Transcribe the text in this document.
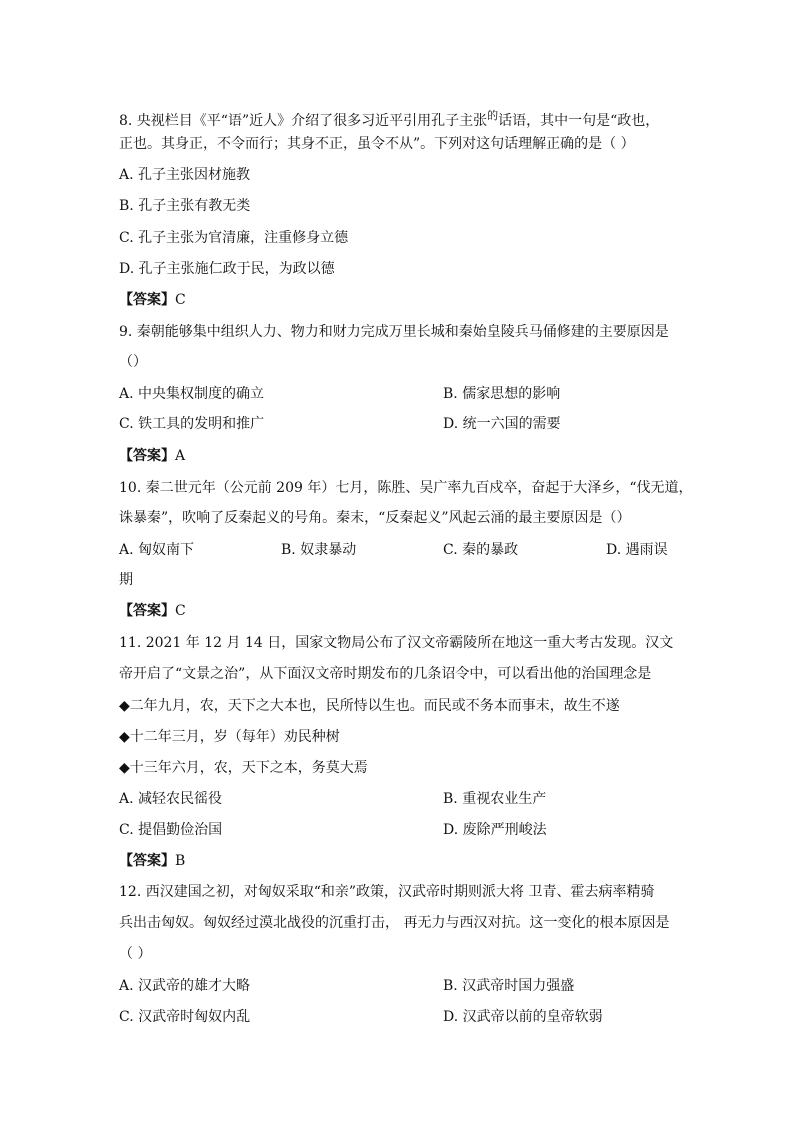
8. 央视栏目《平“语”近人》介绍了很多习近平引用孔子主张$^的$话语，其中一句是“政也，
正也。其身正，不令而行；其身不正，虽令不从”。下列对这句话理解正确的是（ ）
A. 孔子主张因材施教
B. 孔子主张有教无类
C. 孔子主张为官清廉，注重修身立德
D. 孔子主张施仁政于民，为政以德
【答案】C
9. 秦朝能够集中组织人力、物力和财力完成万里长城和秦始皇陵兵马俑修建的主要原因是
（）
A. 中央集权制度的确立	B. 儒家思想的影响
C. 铁工具的发明和推广	D. 统一六国的需要
【答案】A
10. 秦二世元年（公元前 209 年）七月，陈胜、吴广率九百戍卒，奋起于大泽乡，“伐无道，
诛暴秦”，吹响了反秦起义的号角。秦末，“反秦起义”风起云涌的最主要原因是（）
A. 匈奴南下	B. 奴隶暴动	C. 秦的暴政	D. 遇雨误
期
【答案】C
11. 2021 年 12 月 14 日，国家文物局公布了汉文帝霸陵所在地这一重大考古发现。汉文
帝开启了“文景之治”，从下面汉文帝时期发布的几条诏令中，可以看出他的治国理念是
◆二年九月，农，天下之大本也，民所恃以生也。而民或不务本而事末，故生不遂
◆十二年三月，岁（每年）劝民种树
◆十三年六月，农，天下之本，务莫大焉
A. 减轻农民徭役	B. 重视农业生产
C. 提倡勤俭治国	D. 废除严刑峻法
【答案】B
12. 西汉建国之初，对匈奴采取“和亲”政策，汉武帝时期则派大将 卫青、霍去病率精骑
兵出击匈奴。匈奴经过漠北战役的沉重打击， 再无力与西汉对抗。这一变化的根本原因是
（ ）
A. 汉武帝的雄才大略	B. 汉武帝时国力强盛
C. 汉武帝时匈奴内乱	D. 汉武帝以前的皇帝软弱
